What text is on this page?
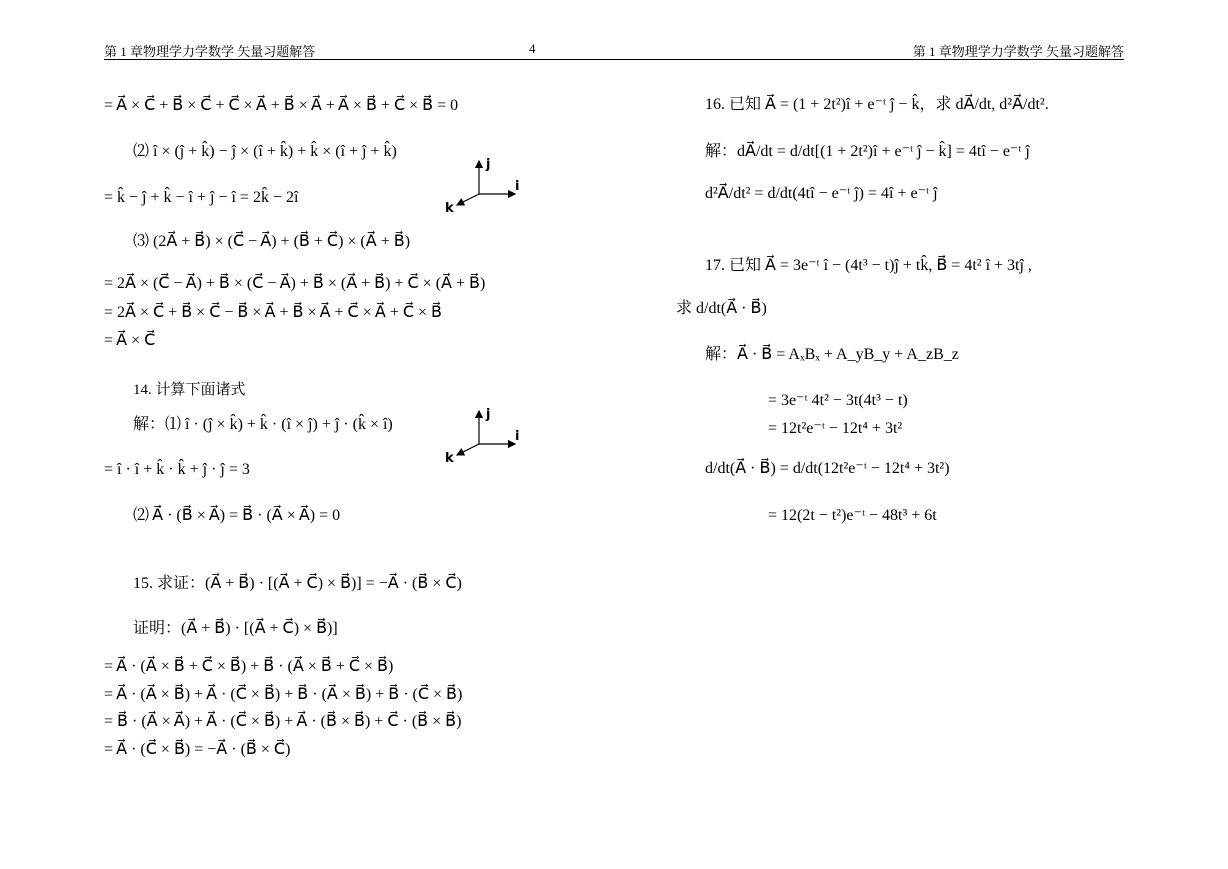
第 1 章物理学力学数学 矢量习题解答	4	第 1 章物理学力学数学 矢量习题解答
= A⃗ × C⃗ + B⃗ × C⃗ + C⃗ × A⃗ + B⃗ × A⃗ + A⃗ × B⃗ + C⃗ × B⃗ = 0
⑵ î × (ĵ + k̂) − ĵ × (î + k̂) + k̂ × (î + ĵ + k̂)
= k̂ − ĵ + k̂ − î + ĵ − î = 2k̂ − 2î
⑶ (2A⃗ + B⃗) × (C⃗ − A⃗) + (B⃗ + C⃗) × (A⃗ + B⃗)
= 2A⃗ × (C⃗ − A⃗) + B⃗ × (C⃗ − A⃗) + B⃗ × (A⃗ + B⃗) + C⃗ × (A⃗ + B⃗)
= 2A⃗ × C⃗ + B⃗ × C⃗ − B⃗ × A⃗ + B⃗ × A⃗ + C⃗ × A⃗ + C⃗ × B⃗
= A⃗ × C⃗
14. 计算下面诸式
解：⑴ î · (ĵ × k̂) + k̂ · (î × ĵ) + ĵ · (k̂ × î)
= î · î + k̂ · k̂ + ĵ · ĵ = 3
⑵ A⃗ · (B⃗ × A⃗) = B⃗ · (A⃗ × A⃗) = 0
15. 求证：(A⃗ + B⃗) · [(A⃗ + C⃗) × B⃗)] = −A⃗ · (B⃗ × C⃗)
证明：(A⃗ + B⃗) · [(A⃗ + C⃗) × B⃗)]
= A⃗ · (A⃗ × B⃗ + C⃗ × B⃗) + B⃗ · (A⃗ × B⃗ + C⃗ × B⃗)
= A⃗ · (A⃗ × B⃗) + A⃗ · (C⃗ × B⃗) + B⃗ · (A⃗ × B⃗) + B⃗ · (C⃗ × B⃗)
= B⃗ · (A⃗ × A⃗) + A⃗ · (C⃗ × B⃗) + A⃗ · (B⃗ × B⃗) + C⃗ · (B⃗ × B⃗)
= A⃗ · (C⃗ × B⃗) = −A⃗ · (B⃗ × C⃗)
j
i
k
j
i
k
16. 已知 A⃗ = (1 + 2t²)î + e⁻ᵗ ĵ − k̂，求 dA⃗/dt, d²A⃗/dt².
解：dA⃗/dt = d/dt[(1 + 2t²)î + e⁻ᵗ ĵ − k̂] = 4tî − e⁻ᵗ ĵ
d²A⃗/dt² = d/dt(4tî − e⁻ᵗ ĵ) = 4î + e⁻ᵗ ĵ
17. 已知 A⃗ = 3e⁻ᵗ î − (4t³ − t)ĵ + tk̂, B⃗ = 4t² î + 3tĵ ,
求 d/dt(A⃗ · B⃗)
解：A⃗ · B⃗ = AₓBₓ + A_yB_y + A_zB_z
= 3e⁻ᵗ 4t² − 3t(4t³ − t)
= 12t²e⁻ᵗ − 12t⁴ + 3t²
d/dt(A⃗ · B⃗) = d/dt(12t²e⁻ᵗ − 12t⁴ + 3t²)
= 12(2t − t²)e⁻ᵗ − 48t³ + 6t
